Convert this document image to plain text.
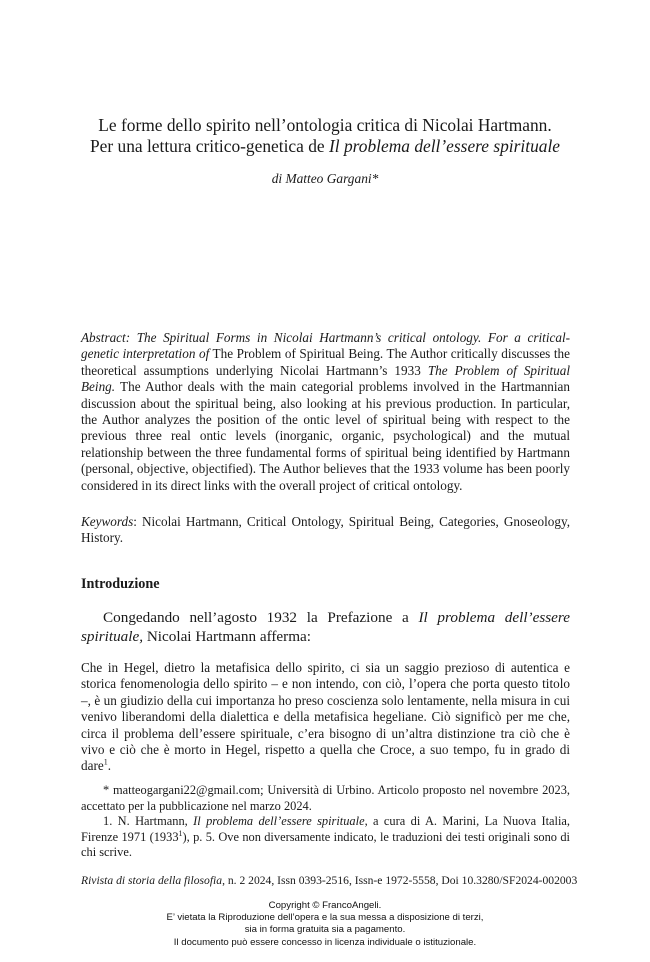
Le forme dello spirito nell’ontologia critica di Nicolai Hartmann.
Per una lettura critico-genetica de Il problema dell’essere spirituale
di Matteo Gargani*
Abstract: The Spiritual Forms in Nicolai Hartmann’s critical ontology. For a critical-genetic interpretation of The Problem of Spiritual Being. The Author critically discusses the theoretical assumptions underlying Nicolai Hartmann’s 1933 The Problem of Spiritual Being. The Author deals with the main categorial problems involved in the Hartmannian discussion about the spiritual being, also looking at his previous production. In particular, the Author analyzes the position of the ontic level of spiritual being with respect to the previous three real ontic levels (inorganic, organic, psychological) and the mutual relationship between the three fundamental forms of spiritual being identified by Hartmann (personal, objective, objectified). The Author believes that the 1933 volume has been poorly considered in its direct links with the overall project of critical ontology.
Keywords: Nicolai Hartmann, Critical Ontology, Spiritual Being, Categories, Gnoseology, History.
Introduzione
Congedando nell’agosto 1932 la Prefazione a Il problema dell’essere spirituale, Nicolai Hartmann afferma:
Che in Hegel, dietro la metafisica dello spirito, ci sia un saggio prezioso di autentica e storica fenomenologia dello spirito – e non intendo, con ciò, l’opera che porta questo titolo –, è un giudizio della cui importanza ho preso coscienza solo lentamente, nella misura in cui venivo liberandomi della dialettica e della metafisica hegeliane. Ciò significò per me che, circa il problema dell’essere spirituale, c’era bisogno di un’altra distinzione tra ciò che è vivo e ciò che è morto in Hegel, rispetto a quella che Croce, a suo tempo, fu in grado di dare$^1$.

* matteogargani22@gmail.com; Università di Urbino. Articolo proposto nel novembre 2023, accettato per la pubblicazione nel marzo 2024.

1. N. Hartmann, Il problema dell’essere spirituale, a cura di A. Marini, La Nuova Italia, Firenze 1971 (1933$^1$), p. 5. Ove non diversamente indicato, le traduzioni dei testi originali sono di chi scrive.

Rivista di storia della filosofia, n. 2 2024, Issn 0393-2516, Issn-e 1972-5558, Doi 10.3280/SF2024-002003
Copyright © FrancoAngeli.
E’ vietata la Riproduzione dell’opera e la sua messa a disposizione di terzi,
sia in forma gratuita sia a pagamento.
Il documento può essere concesso in licenza individuale o istituzionale.
